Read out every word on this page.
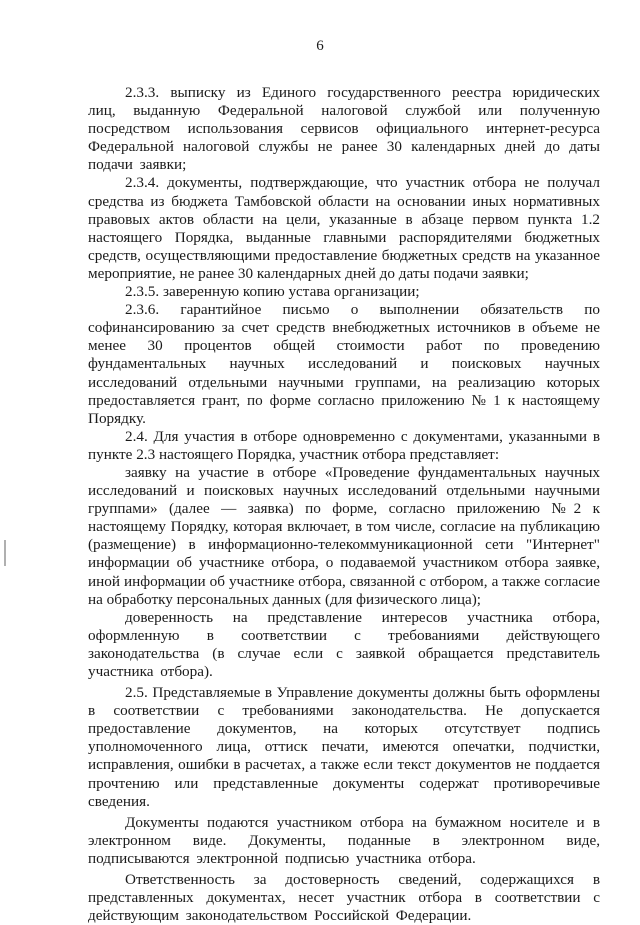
6

2.3.3. выписку из Единого государственного реестра юридических лиц, выданную Федеральной налоговой службой или полученную посредством использования сервисов официального интернет-ресурса Федеральной налоговой службы не ранее 30 календарных дней до даты подачи заявки;

2.3.4. документы, подтверждающие, что участник отбора не получал средства из бюджета Тамбовской области на основании иных нормативных правовых актов области на цели, указанные в абзаце первом пункта 1.2 настоящего Порядка, выданные главными распорядителями бюджетных средств, осуществляющими предоставление бюджетных средств на указанное мероприятие, не ранее 30 календарных дней до даты подачи заявки;

2.3.5. заверенную копию устава организации;

2.3.6. гарантийное письмо о выполнении обязательств по софинансированию за счет средств внебюджетных источников в объеме не менее 30 процентов общей стоимости работ по проведению фундаментальных научных исследований и поисковых научных исследований отдельными научными группами, на реализацию которых предоставляется грант, по форме согласно приложению № 1 к настоящему Порядку.

2.4. Для участия в отборе одновременно с документами, указанными в пункте 2.3 настоящего Порядка, участник отбора представляет:

заявку на участие в отборе «Проведение фундаментальных научных исследований и поисковых научных исследований отдельными научными группами» (далее — заявка) по форме, согласно приложению №2 к настоящему Порядку, которая включает, в том числе, согласие на публикацию (размещение) в информационно-телекоммуникационной сети "Интернет" информации об участнике отбора, о подаваемой участником отбора заявке, иной информации об участнике отбора, связанной с отбором, а также согласие на обработку персональных данных (для физического лица);

доверенность на представление интересов участника отбора, оформленную в соответствии с требованиями действующего законодательства (в случае если с заявкой обращается представитель участника отбора).

2.5. Представляемые в Управление документы должны быть оформлены в соответствии с требованиями законодательства. Не допускается предоставление документов, на которых отсутствует подпись уполномоченного лица, оттиск печати, имеются опечатки, подчистки, исправления, ошибки в расчетах, а также если текст документов не поддается прочтению или представленные документы содержат противоречивые сведения.

Документы подаются участником отбора на бумажном носителе и в электронном виде. Документы, поданные в электронном виде, подписываются электронной подписью участника отбора.

Ответственность за достоверность сведений, содержащихся в представленных документах, несет участник отбора в соответствии с действующим законодательством Российской Федерации.
